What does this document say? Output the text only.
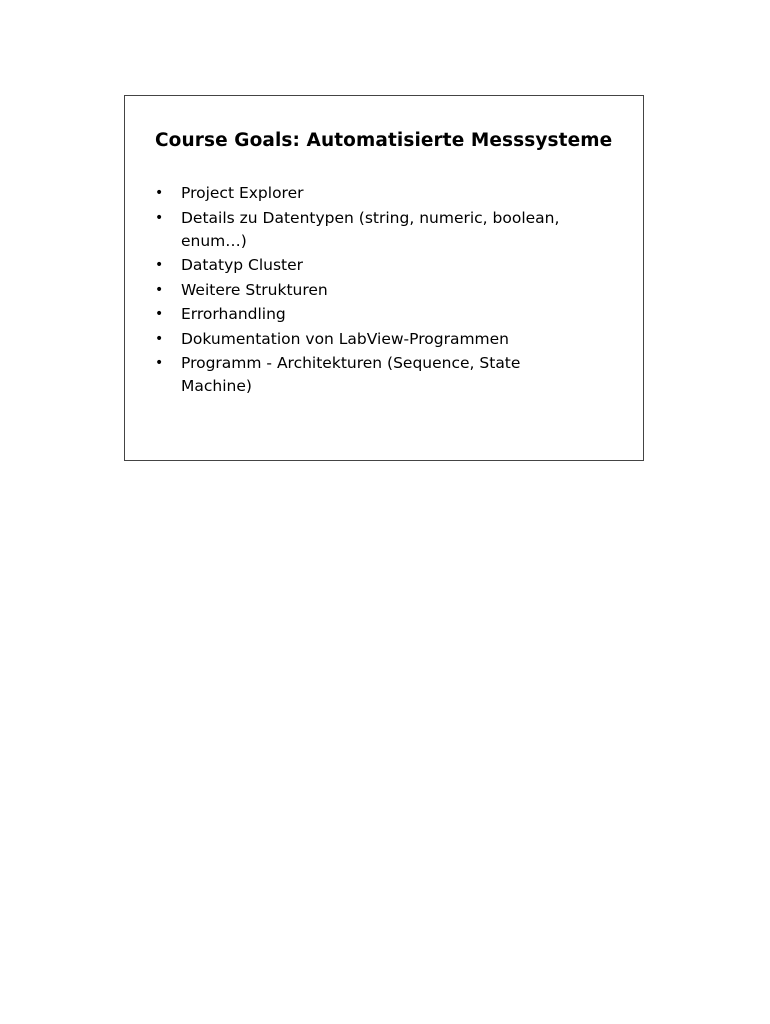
Course Goals: Automatisierte Messsysteme
• Project Explorer
• Details zu Datentypen (string, numeric, boolean, enum…)
• Datatyp Cluster
• Weitere Strukturen
• Errorhandling
• Dokumentation von LabView-Programmen
• Programm - Architekturen (Sequence, State Machine)
